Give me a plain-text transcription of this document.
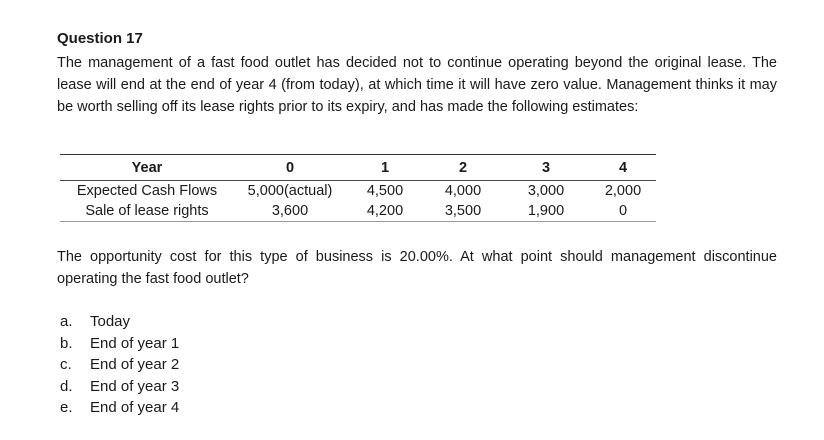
Question 17
The management of a fast food outlet has decided not to continue operating beyond the original lease. The lease will end at the end of year 4 (from today), at which time it will have zero value. Management thinks it may be worth selling off its lease rights prior to its expiry, and has made the following estimates:
Year	0	1	2	3	4
Expected Cash Flows	5,000(actual)	4,500	4,000	3,000	2,000
Sale of lease rights	3,600	4,200	3,500	1,900	0
The opportunity cost for this type of business is 20.00%. At what point should management discontinue operating the fast food outlet?
a.	Today
b.	End of year 1
c.	End of year 2
d.	End of year 3
e.	End of year 4
